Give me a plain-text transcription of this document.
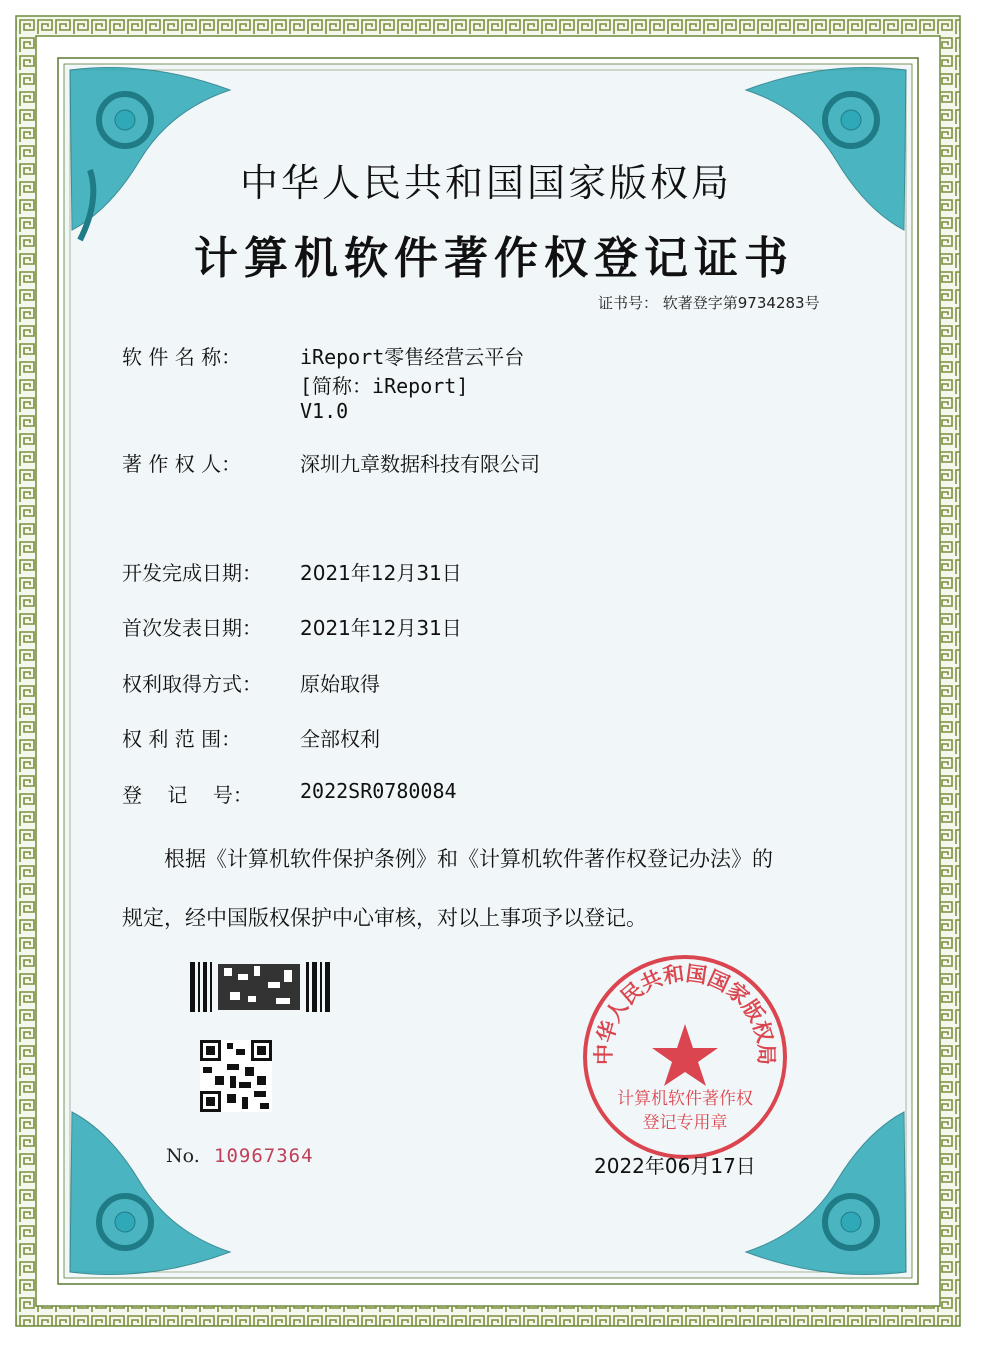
中华人民共和国国家版权局
计算机软件著作权登记证书
证书号： 软著登字第9734283号
软 件 名 称：	iReport零售经营云平台
[简称：iReport]
V1.0
著 作 权 人：	深圳九章数据科技有限公司
开发完成日期： 2021年12月31日
首次发表日期： 2021年12月31日
权利取得方式： 原始取得
权 利 范 围：	全部权利
登    记    号： 2022SR0780084
根据《计算机软件保护条例》和《计算机软件著作权登记办法》的
规定，经中国版权保护中心审核，对以上事项予以登记。
No. 10967364
中华人民共和国国家版权局
计算机软件著作权
登记专用章
2022年06月17日
